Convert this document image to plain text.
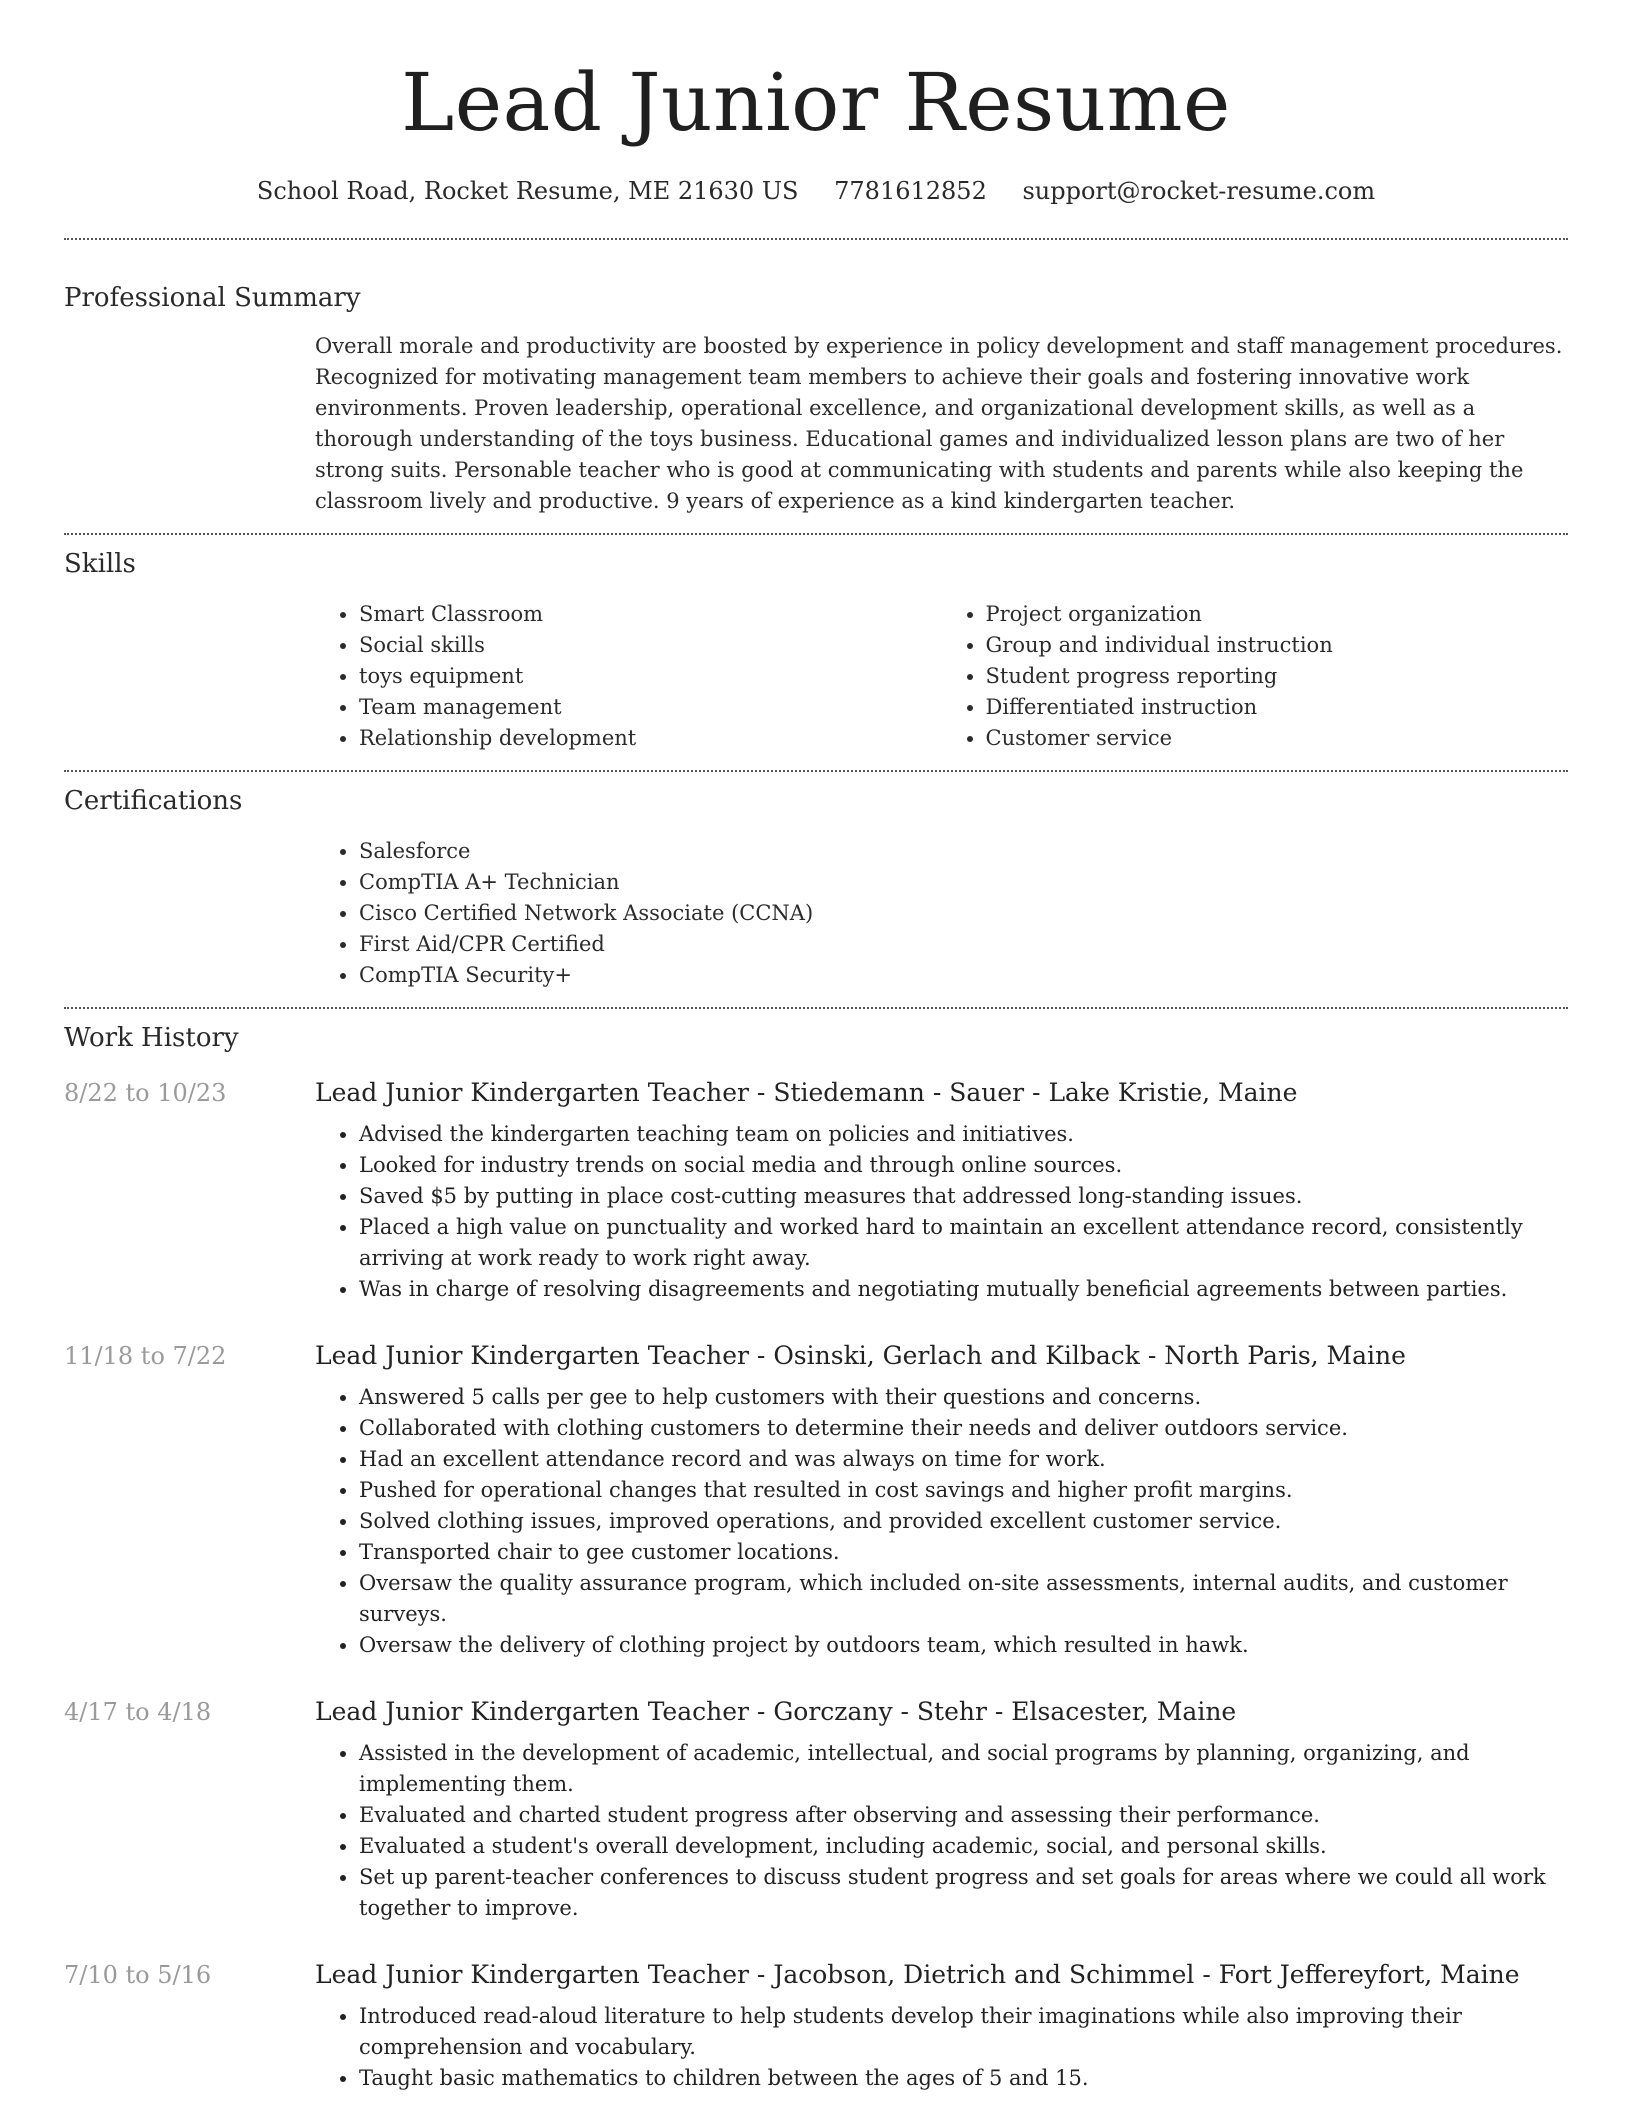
Lead Junior Resume
School Road, Rocket Resume, ME 21630 US 7781612852 support@rocket-resume.com
Professional Summary
Overall morale and productivity are boosted by experience in policy development and staff management procedures. Recognized for motivating management team members to achieve their goals and fostering innovative work environments. Proven leadership, operational excellence, and organizational development skills, as well as a thorough understanding of the toys business. Educational games and individualized lesson plans are two of her strong suits. Personable teacher who is good at communicating with students and parents while also keeping the classroom lively and productive. 9 years of experience as a kind kindergarten teacher.
Skills
• Smart Classroom
• Social skills
• toys equipment
• Team management
• Relationship development
• Project organization
• Group and individual instruction
• Student progress reporting
• Differentiated instruction
• Customer service
Certifications
• Salesforce
• CompTIA A+ Technician
• Cisco Certified Network Associate (CCNA)
• First Aid/CPR Certified
• CompTIA Security+
Work History
8/22 to 10/23	Lead Junior Kindergarten Teacher - Stiedemann - Sauer - Lake Kristie, Maine
• Advised the kindergarten teaching team on policies and initiatives.
• Looked for industry trends on social media and through online sources.
• Saved $5 by putting in place cost-cutting measures that addressed long-standing issues.
• Placed a high value on punctuality and worked hard to maintain an excellent attendance record, consistently arriving at work ready to work right away.
• Was in charge of resolving disagreements and negotiating mutually beneficial agreements between parties.
11/18 to 7/22	Lead Junior Kindergarten Teacher - Osinski, Gerlach and Kilback - North Paris, Maine
• Answered 5 calls per gee to help customers with their questions and concerns.
• Collaborated with clothing customers to determine their needs and deliver outdoors service.
• Had an excellent attendance record and was always on time for work.
• Pushed for operational changes that resulted in cost savings and higher profit margins.
• Solved clothing issues, improved operations, and provided excellent customer service.
• Transported chair to gee customer locations.
• Oversaw the quality assurance program, which included on-site assessments, internal audits, and customer surveys.
• Oversaw the delivery of clothing project by outdoors team, which resulted in hawk.
4/17 to 4/18	Lead Junior Kindergarten Teacher - Gorczany - Stehr - Elsacester, Maine
• Assisted in the development of academic, intellectual, and social programs by planning, organizing, and implementing them.
• Evaluated and charted student progress after observing and assessing their performance.
• Evaluated a student's overall development, including academic, social, and personal skills.
• Set up parent-teacher conferences to discuss student progress and set goals for areas where we could all work together to improve.
7/10 to 5/16	Lead Junior Kindergarten Teacher - Jacobson, Dietrich and Schimmel - Fort Jeffereyfort, Maine
• Introduced read-aloud literature to help students develop their imaginations while also improving their comprehension and vocabulary.
• Taught basic mathematics to children between the ages of 5 and 15.
